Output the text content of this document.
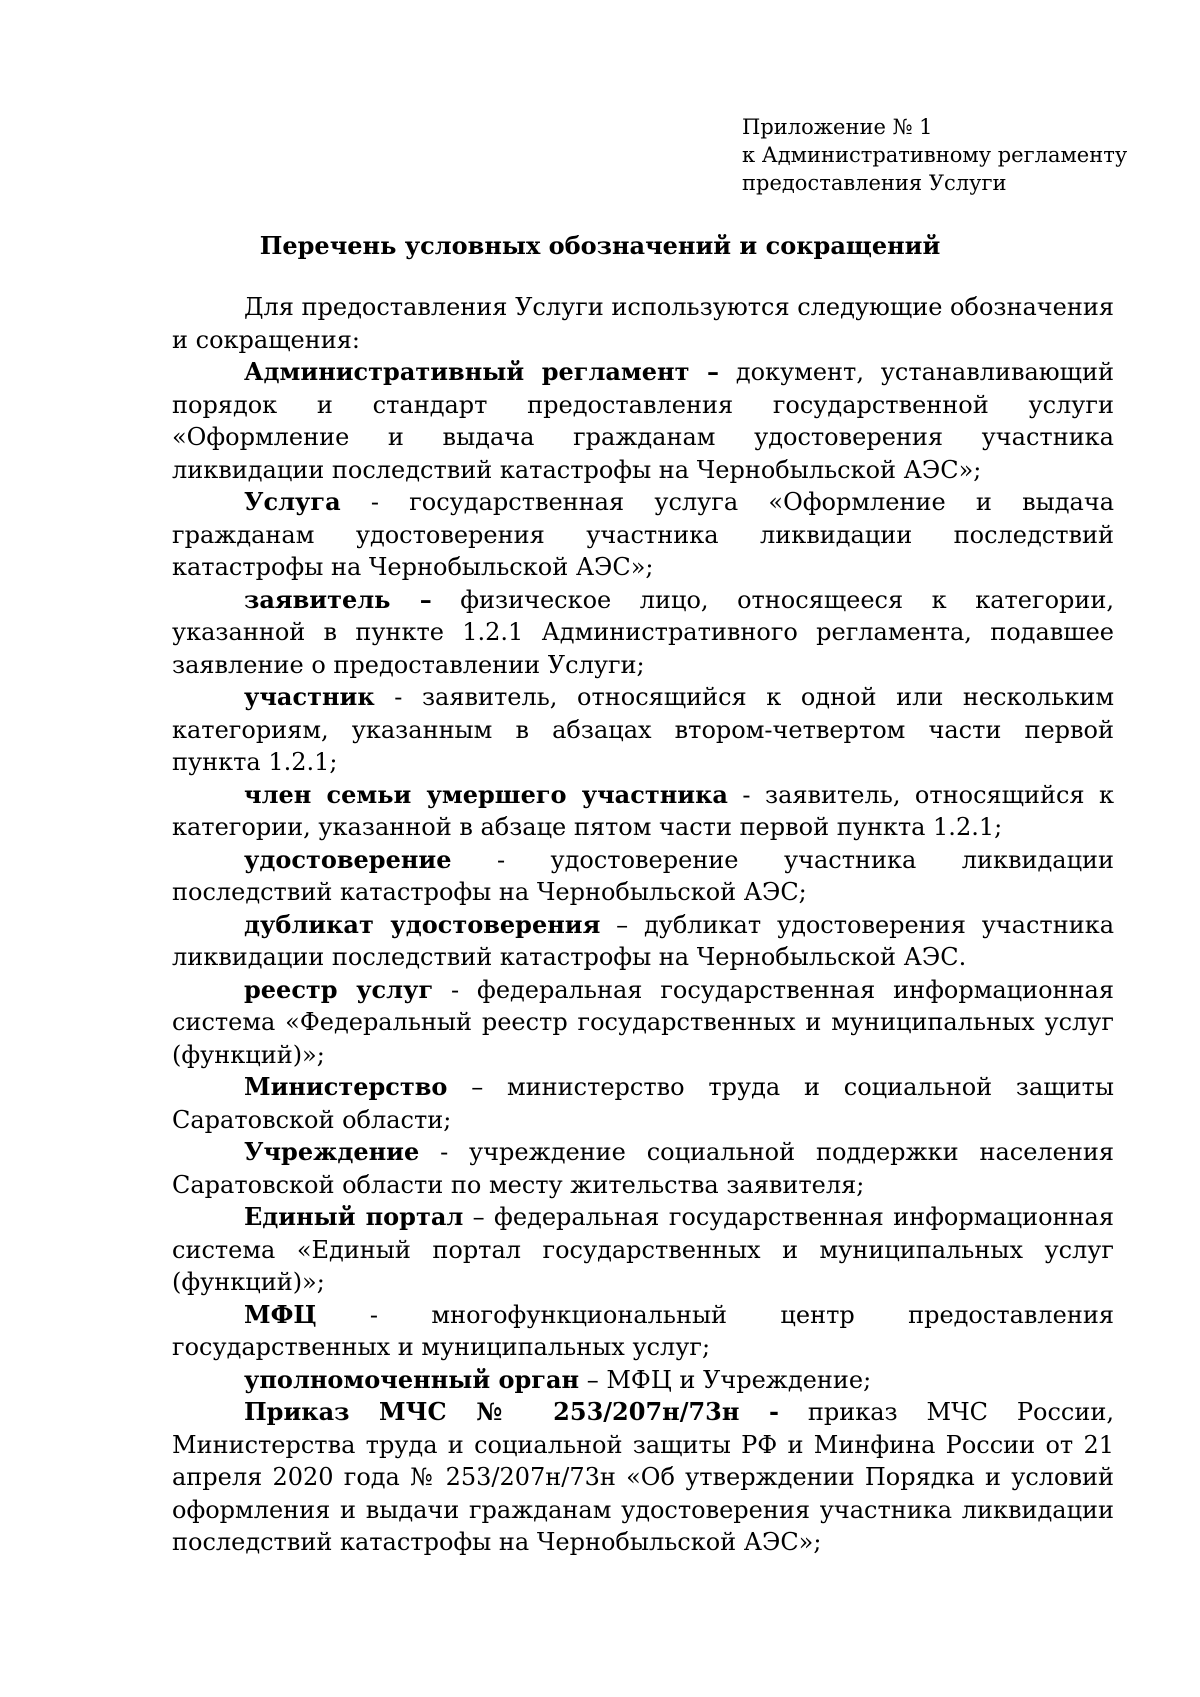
Приложение № 1
к Административному регламенту
предоставления Услуги
Перечень условных обозначений и сокращений

Для предоставления Услуги используются следующие обозначения и сокращения:

Административный регламент – документ, устанавливающий порядок и стандарт предоставления государственной услуги «Оформление и выдача гражданам удостоверения участника ликвидации последствий катастрофы на Чернобыльской АЭС»;

Услуга - государственная услуга «Оформление и выдача гражданам удостоверения участника ликвидации последствий катастрофы на Чернобыльской АЭС»;

заявитель – физическое лицо, относящееся к категории, указанной в пункте 1.2.1 Административного регламента, подавшее заявление о предоставлении Услуги;

участник - заявитель, относящийся к одной или нескольким категориям, указанным в абзацах втором-четвертом части первой пункта 1.2.1;

член семьи умершего участника - заявитель, относящийся к категории, указанной в абзаце пятом части первой пункта 1.2.1;

удостоверение - удостоверение участника ликвидации последствий катастрофы на Чернобыльской АЭС;

дубликат удостоверения – дубликат удостоверения участника ликвидации последствий катастрофы на Чернобыльской АЭС.

реестр услуг - федеральная государственная информационная система «Федеральный реестр государственных и муниципальных услуг (функций)»;

Министерство – министерство труда и социальной защиты Саратовской области;

Учреждение - учреждение социальной поддержки населения Саратовской области по месту жительства заявителя;

Единый портал – федеральная государственная информационная система «Единый портал государственных и муниципальных услуг (функций)»;

МФЦ - многофункциональный центр предоставления государственных и муниципальных услуг;

уполномоченный орган – МФЦ и Учреждение;

Приказ МЧС № 253/207н/73н - приказ МЧС России, Министерства труда и социальной защиты РФ и Минфина России от 21 апреля 2020 года № 253/207н/73н «Об утверждении Порядка и условий оформления и выдачи гражданам удостоверения участника ликвидации последствий катастрофы на Чернобыльской АЭС»;
